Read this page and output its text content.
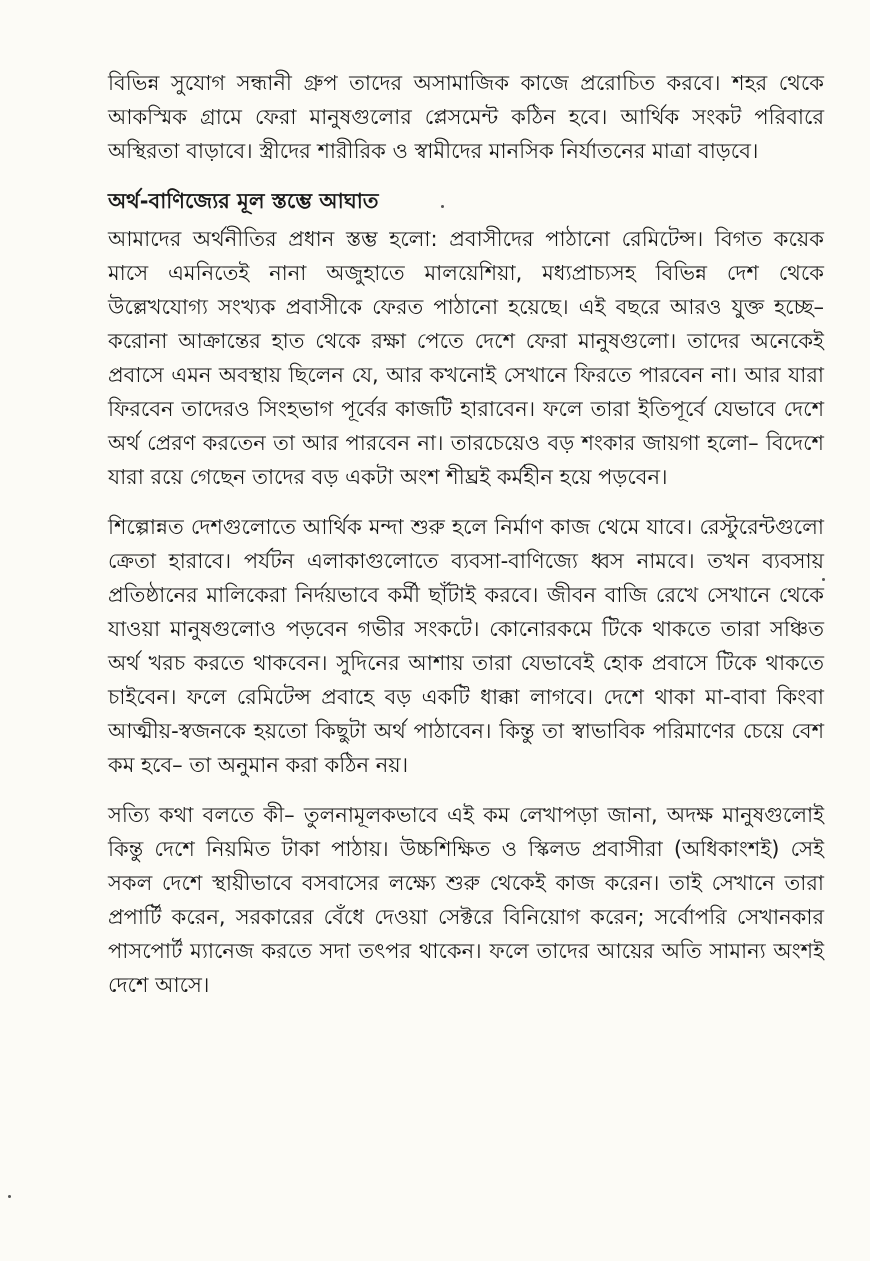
বিভিন্ন সুযোগ সন্ধানী গ্রুপ তাদের অসামাজিক কাজে প্ররোচিত করবে। শহর থেকে আকস্মিক গ্রামে ফেরা মানুষগুলোর প্লেসমেন্ট কঠিন হবে। আর্থিক সংকট পরিবারে অস্থিরতা বাড়াবে। স্ত্রীদের শারীরিক ও স্বামীদের মানসিক নির্যাতনের মাত্রা বাড়বে।

অর্থ-বাণিজ্যের মূল স্তম্ভে আঘাত

আমাদের অর্থনীতির প্রধান স্তম্ভ হলো: প্রবাসীদের পাঠানো রেমিটেন্স। বিগত কয়েক মাসে এমনিতেই নানা অজুহাতে মালয়েশিয়া, মধ্যপ্রাচ্যসহ বিভিন্ন দেশ থেকে উল্লেখযোগ্য সংখ্যক প্রবাসীকে ফেরত পাঠানো হয়েছে। এই বছরে আরও যুক্ত হচ্ছে– করোনা আক্রান্তের হাত থেকে রক্ষা পেতে দেশে ফেরা মানুষগুলো। তাদের অনেকেই প্রবাসে এমন অবস্থায় ছিলেন যে, আর কখনোই সেখানে ফিরতে পারবেন না। আর যারা ফিরবেন তাদেরও সিংহভাগ পূর্বের কাজটি হারাবেন। ফলে তারা ইতিপূর্বে যেভাবে দেশে অর্থ প্রেরণ করতেন তা আর পারবেন না। তারচেয়েও বড় শংকার জায়গা হলো– বিদেশে যারা রয়ে গেছেন তাদের বড় একটা অংশ শীঘ্রই কর্মহীন হয়ে পড়বেন।

শিল্পোন্নত দেশগুলোতে আর্থিক মন্দা শুরু হলে নির্মাণ কাজ থেমে যাবে। রেস্টুরেন্টগুলো ক্রেতা হারাবে। পর্যটন এলাকাগুলোতে ব্যবসা-বাণিজ্যে ধ্বস নামবে। তখন ব্যবসায় প্রতিষ্ঠানের মালিকেরা নির্দয়ভাবে কর্মী ছাঁটাই করবে। জীবন বাজি রেখে সেখানে থেকে যাওয়া মানুষগুলোও পড়বেন গভীর সংকটে। কোনোরকমে টিকে থাকতে তারা সঞ্চিত অর্থ খরচ করতে থাকবেন। সুদিনের আশায় তারা যেভাবেই হোক প্রবাসে টিকে থাকতে চাইবেন। ফলে রেমিটেন্স প্রবাহে বড় একটি ধাক্কা লাগবে। দেশে থাকা মা-বাবা কিংবা আত্মীয়-স্বজনকে হয়তো কিছুটা অর্থ পাঠাবেন। কিন্তু তা স্বাভাবিক পরিমাণের চেয়ে বেশ কম হবে– তা অনুমান করা কঠিন নয়।

সত্যি কথা বলতে কী– তুলনামূলকভাবে এই কম লেখাপড়া জানা, অদক্ষ মানুষগুলোই কিন্তু দেশে নিয়মিত টাকা পাঠায়। উচ্চশিক্ষিত ও স্কিলড প্রবাসীরা (অধিকাংশই) সেই সকল দেশে স্থায়ীভাবে বসবাসের লক্ষ্যে শুরু থেকেই কাজ করেন। তাই সেখানে তারা প্রপার্টি করেন, সরকারের বেঁধে দেওয়া সেক্টরে বিনিয়োগ করেন; সর্বোপরি সেখানকার পাসপোর্ট ম্যানেজ করতে সদা তৎপর থাকেন। ফলে তাদের আয়ের অতি সামান্য অংশই দেশে আসে।
